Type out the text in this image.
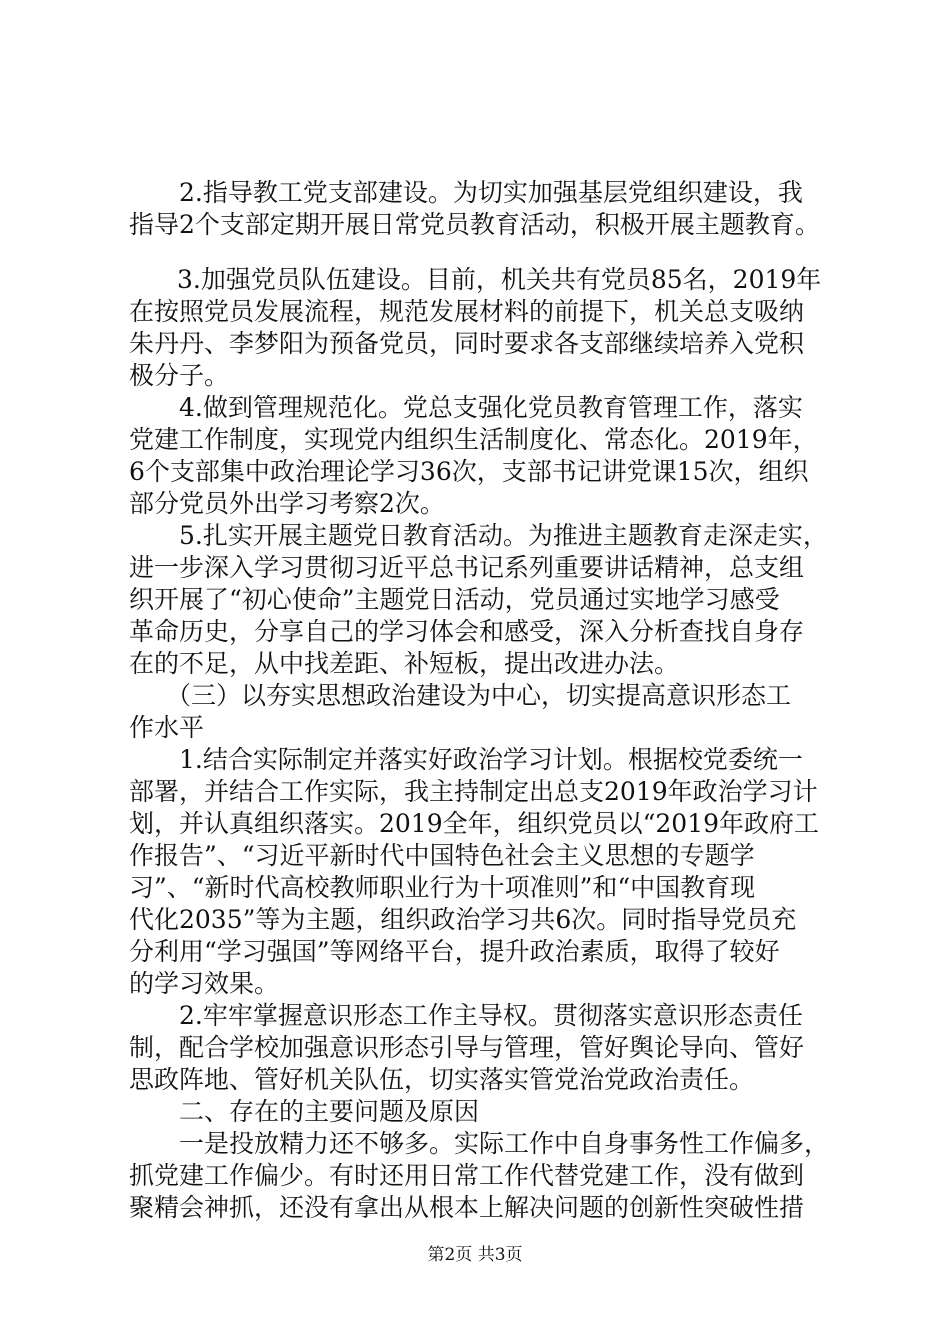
2.指导教工党支部建设。为切实加强基层党组织建设，我
指导2个支部定期开展日常党员教育活动，积极开展主题教育。
3.加强党员队伍建设。目前，机关共有党员85名，2019年
在按照党员发展流程，规范发展材料的前提下，机关总支吸纳
朱丹丹、李梦阳为预备党员，同时要求各支部继续培养入党积
极分子。
4.做到管理规范化。党总支强化党员教育管理工作，落实
党建工作制度，实现党内组织生活制度化、常态化。2019年，
6个支部集中政治理论学习36次，支部书记讲党课15次，组织
部分党员外出学习考察2次。
5.扎实开展主题党日教育活动。为推进主题教育走深走实，
进一步深入学习贯彻习近平总书记系列重要讲话精神，总支组
织开展了“初心使命”主题党日活动，党员通过实地学习感受
革命历史，分享自己的学习体会和感受，深入分析查找自身存
在的不足，从中找差距、补短板，提出改进办法。
（三）以夯实思想政治建设为中心，切实提高意识形态工
作水平
1.结合实际制定并落实好政治学习计划。根据校党委统一
部署，并结合工作实际，我主持制定出总支2019年政治学习计
划，并认真组织落实。2019全年，组织党员以“2019年政府工
作报告”、“习近平新时代中国特色社会主义思想的专题学
习”、“新时代高校教师职业行为十项准则”和“中国教育现
代化2035”等为主题，组织政治学习共6次。同时指导党员充
分利用“学习强国”等网络平台，提升政治素质，取得了较好
的学习效果。
2.牢牢掌握意识形态工作主导权。贯彻落实意识形态责任
制，配合学校加强意识形态引导与管理，管好舆论导向、管好
思政阵地、管好机关队伍，切实落实管党治党政治责任。
二、存在的主要问题及原因
一是投放精力还不够多。实际工作中自身事务性工作偏多，
抓党建工作偏少。有时还用日常工作代替党建工作，没有做到
聚精会神抓，还没有拿出从根本上解决问题的创新性突破性措
第2页 共3页
